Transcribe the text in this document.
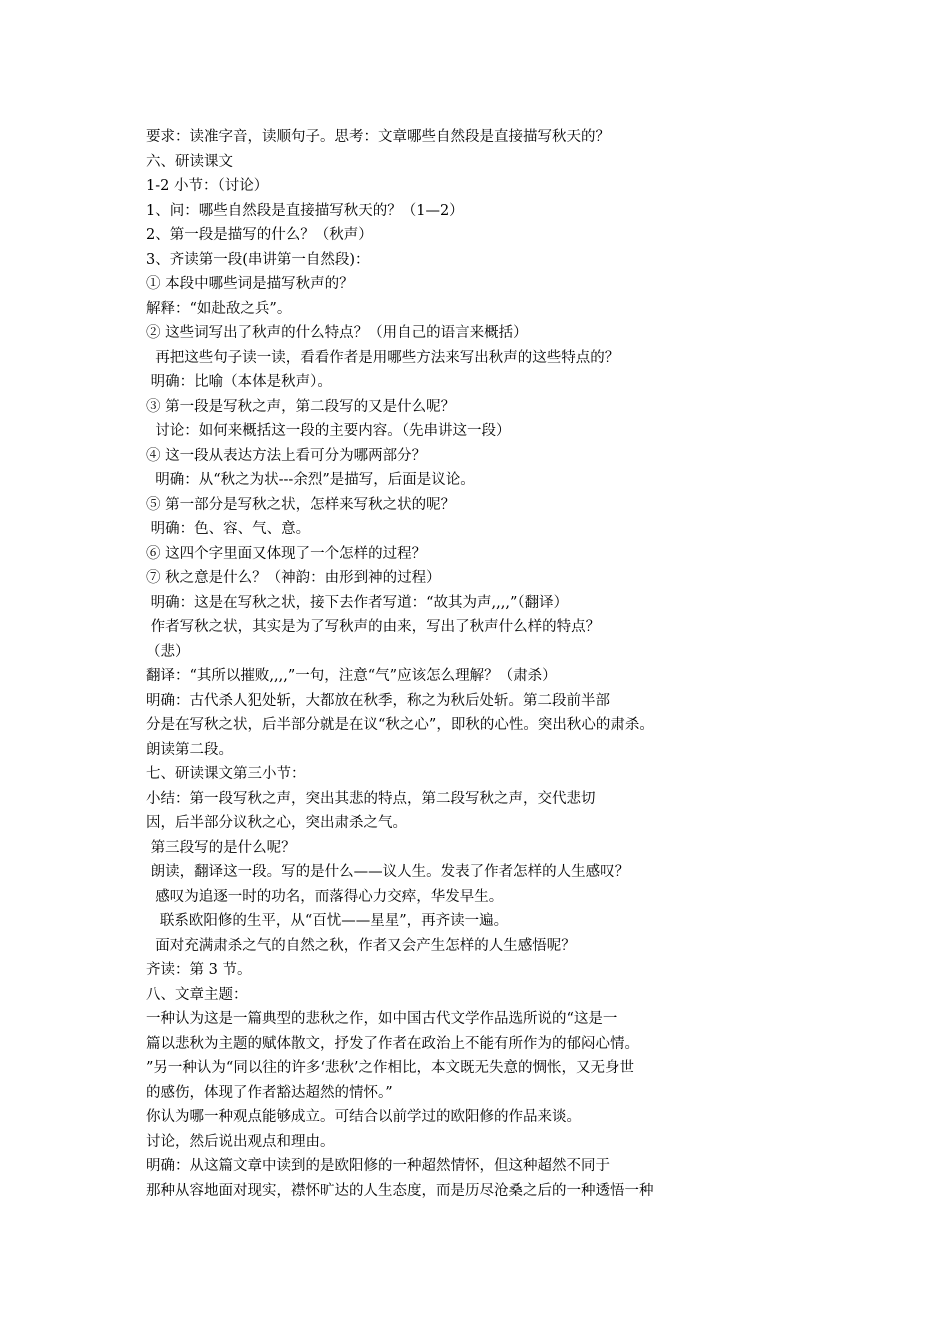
要求：读准字音，读顺句子。思考：文章哪些自然段是直接描写秋天的？
六、研读课文
1-2 小节：（讨论）
1、问：哪些自然段是直接描写秋天的？（1—2）
2、第一段是描写的什么？（秋声）
3、齐读第一段(串讲第一自然段)：
① 本段中哪些词是描写秋声的？
解释：“如赴敌之兵”。
② 这些词写出了秋声的什么特点？（用自己的语言来概括）
再把这些句子读一读，看看作者是用哪些方法来写出秋声的这些特点的？
明确：比喻（本体是秋声）。
③ 第一段是写秋之声，第二段写的又是什么呢？
讨论：如何来概括这一段的主要内容。（先串讲这一段）
④ 这一段从表达方法上看可分为哪两部分？
明确：从“秋之为状---余烈”是描写，后面是议论。
⑤ 第一部分是写秋之状，怎样来写秋之状的呢？
明确：色、容、气、意。
⑥ 这四个字里面又体现了一个怎样的过程？
⑦ 秋之意是什么？（神韵：由形到神的过程）
明确：这是在写秋之状，接下去作者写道：“故其为声,,,,”（翻译）
作者写秋之状，其实是为了写秋声的由来，写出了秋声什么样的特点？
（悲）
翻译：“其所以摧败,,,,”一句，注意“气”应该怎么理解？（肃杀）
明确：古代杀人犯处斩，大都放在秋季，称之为秋后处斩。第二段前半部
分是在写秋之状，后半部分就是在议“秋之心”，即秋的心性。突出秋心的肃杀。
朗读第二段。
七、研读课文第三小节：
小结：第一段写秋之声，突出其悲的特点，第二段写秋之声，交代悲切
因，后半部分议秋之心，突出肃杀之气。
第三段写的是什么呢？
朗读，翻译这一段。写的是什么——议人生。发表了作者怎样的人生感叹？
感叹为追逐一时的功名，而落得心力交瘁，华发早生。
联系欧阳修的生平，从“百忧——星星”，再齐读一遍。
面对充满肃杀之气的自然之秋，作者又会产生怎样的人生感悟呢？
齐读：第 3 节。
八、文章主题：
一种认为这是一篇典型的悲秋之作，如中国古代文学作品选所说的“这是一
篇以悲秋为主题的赋体散文，抒发了作者在政治上不能有所作为的郁闷心情。
”另一种认为“同以往的许多‘悲秋’之作相比，本文既无失意的惆怅，又无身世
的感伤，体现了作者豁达超然的情怀。”
你认为哪一种观点能够成立。可结合以前学过的欧阳修的作品来谈。
讨论，然后说出观点和理由。
明确：从这篇文章中读到的是欧阳修的一种超然情怀，但这种超然不同于
那种从容地面对现实，襟怀旷达的人生态度，而是历尽沧桑之后的一种透悟一种
